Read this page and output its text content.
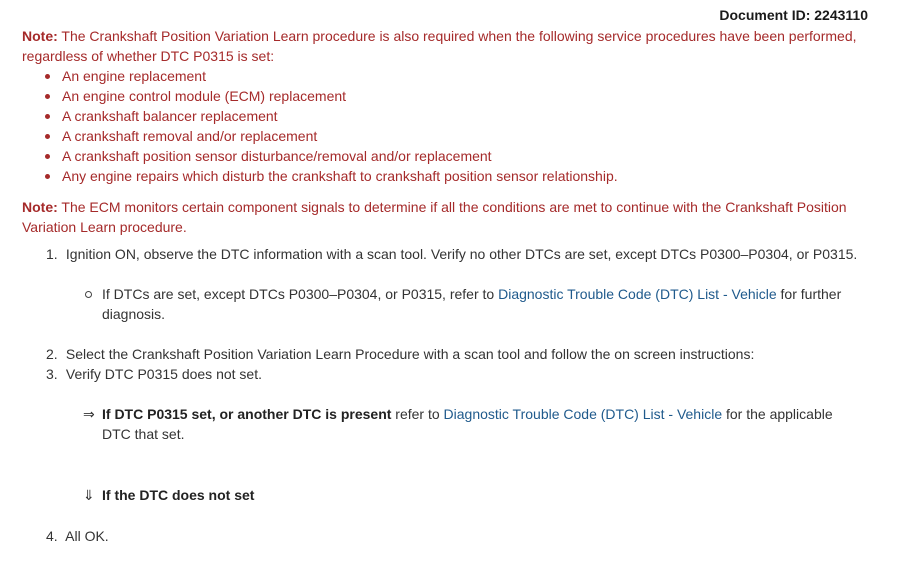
Document ID: 2243110
Note: The Crankshaft Position Variation Learn procedure is also required when the following service procedures have been performed, regardless of whether DTC P0315 is set:
An engine replacement
An engine control module (ECM) replacement
A crankshaft balancer replacement
A crankshaft removal and/or replacement
A crankshaft position sensor disturbance/removal and/or replacement
Any engine repairs which disturb the crankshaft to crankshaft position sensor relationship.
Note: The ECM monitors certain component signals to determine if all the conditions are met to continue with the Crankshaft Position Variation Learn procedure.
1. Ignition ON, observe the DTC information with a scan tool. Verify no other DTCs are set, except DTCs P0300–P0304, or P0315.
If DTCs are set, except DTCs P0300–P0304, or P0315, refer to Diagnostic Trouble Code (DTC) List - Vehicle for further diagnosis.
2. Select the Crankshaft Position Variation Learn Procedure with a scan tool and follow the on screen instructions:
3. Verify DTC P0315 does not set.
⇒ If DTC P0315 set, or another DTC is present refer to Diagnostic Trouble Code (DTC) List - Vehicle for the applicable DTC that set.
⇓ If the DTC does not set
4. All OK.
